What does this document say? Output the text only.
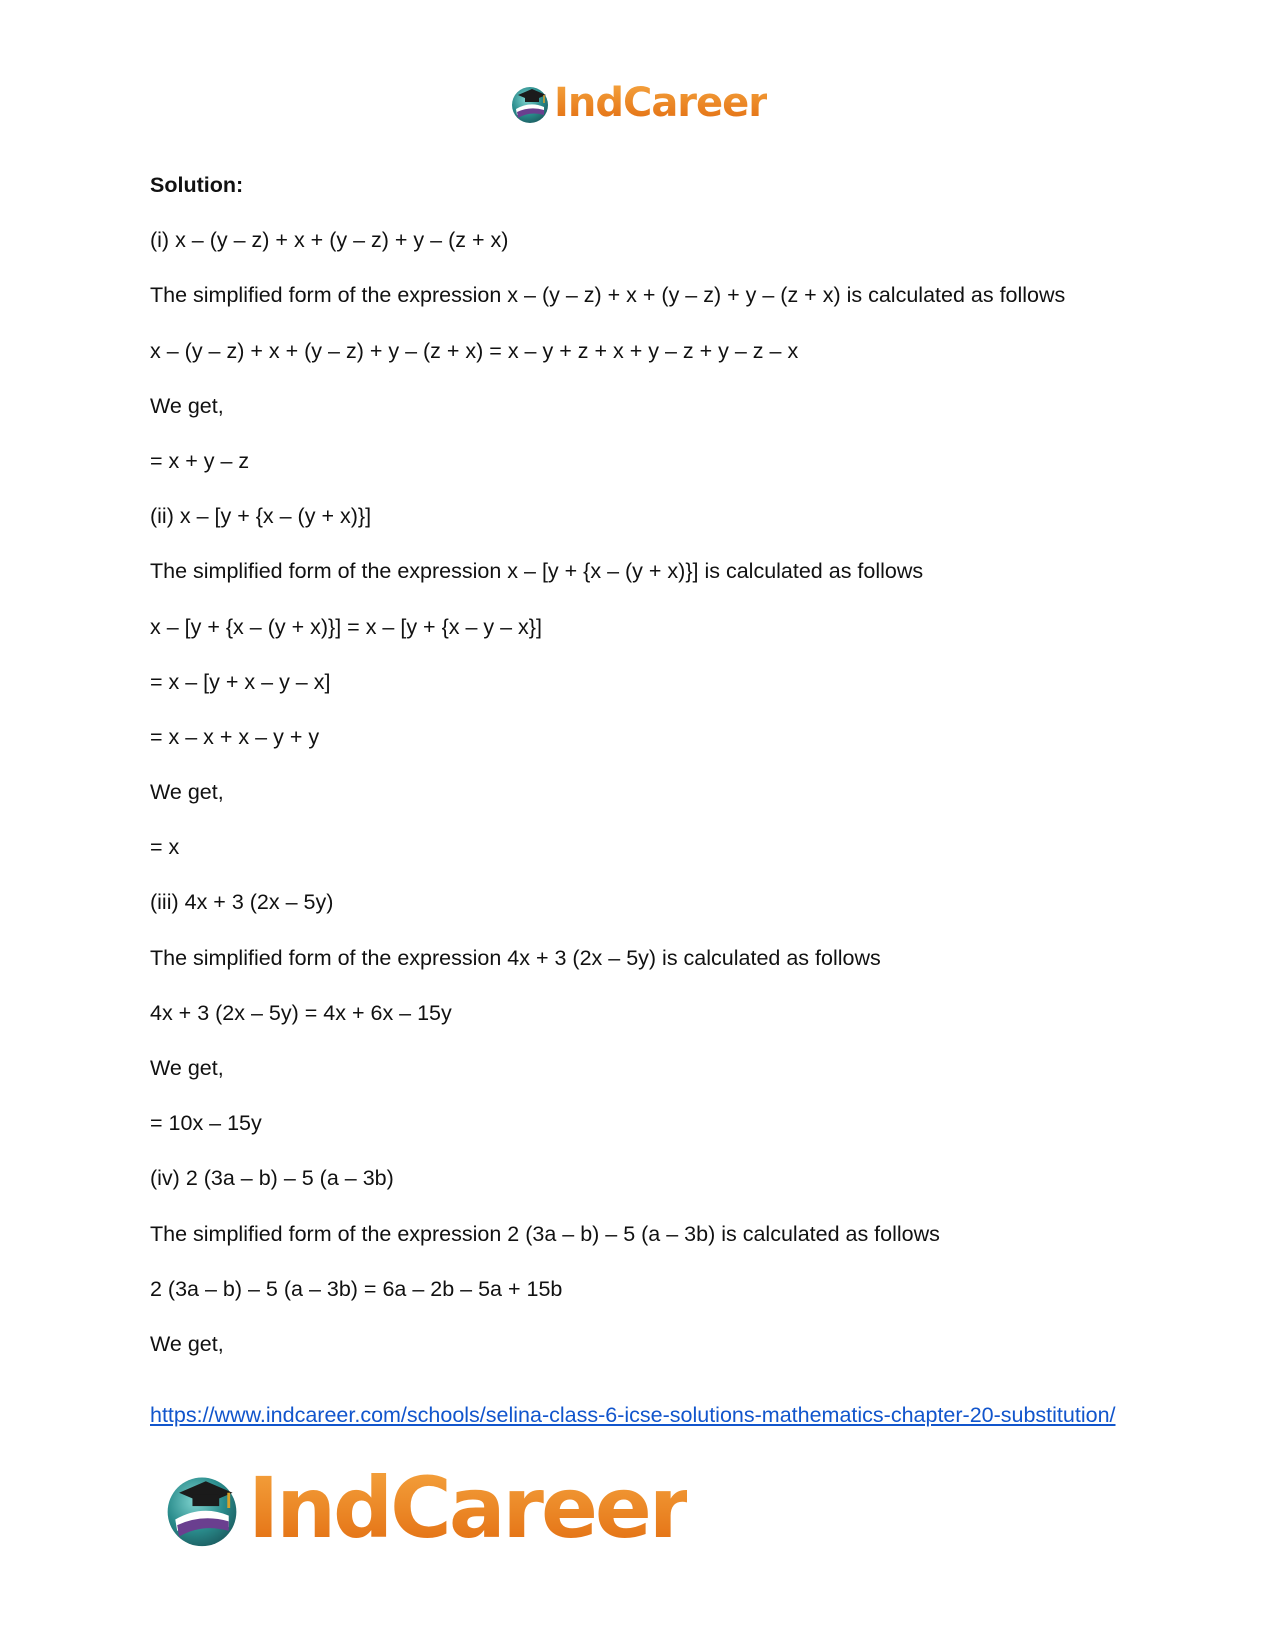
IndCareer
Solution:
(i) x – (y – z) + x + (y – z) + y – (z + x)
The simplified form of the expression x – (y – z) + x + (y – z) + y – (z + x) is calculated as follows
x – (y – z) + x + (y – z) + y – (z + x) = x – y + z + x + y – z + y – z – x
We get,
= x + y – z
(ii) x – [y + {x – (y + x)}]
The simplified form of the expression x – [y + {x – (y + x)}] is calculated as follows
x – [y + {x – (y + x)}] = x – [y + {x – y – x}]
= x – [y + x – y – x]
= x – x + x – y + y
We get,
= x
(iii) 4x + 3 (2x – 5y)
The simplified form of the expression 4x + 3 (2x – 5y) is calculated as follows
4x + 3 (2x – 5y) = 4x + 6x – 15y
We get,
= 10x – 15y
(iv) 2 (3a – b) – 5 (a – 3b)
The simplified form of the expression 2 (3a – b) – 5 (a – 3b) is calculated as follows
2 (3a – b) – 5 (a – 3b) = 6a – 2b – 5a + 15b
We get,
https://www.indcareer.com/schools/selina-class-6-icse-solutions-mathematics-chapter-20-substitution/
IndCareer
